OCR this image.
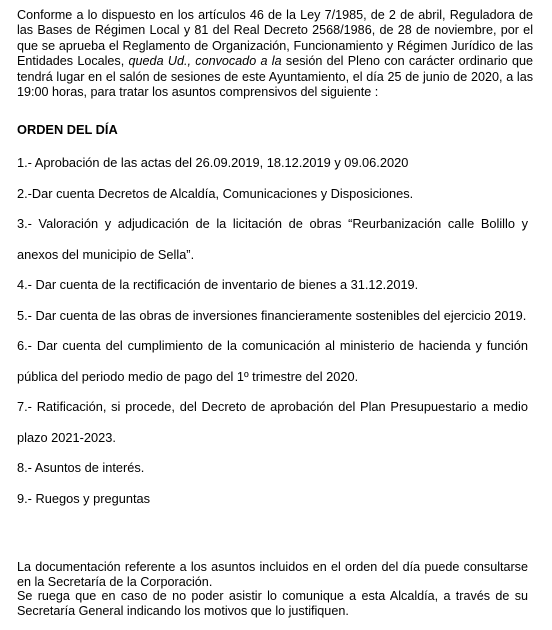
Conforme a lo dispuesto en los artículos 46 de la Ley 7/1985, de 2 de abril, Reguladora de las Bases de Régimen Local y 81 del Real Decreto 2568/1986, de 28 de noviembre, por el que se aprueba el Reglamento de Organización, Funcionamiento y Régimen Jurídico de las Entidades Locales, queda Ud., convocado a la sesión del Pleno con carácter ordinario que tendrá lugar en el salón de sesiones de este Ayuntamiento, el día 25 de junio de 2020, a las 19:00 horas, para tratar los asuntos comprensivos del siguiente :
ORDEN DEL DÍA
1.- Aprobación de las actas del 26.09.2019, 18.12.2019 y 09.06.2020
2.-Dar cuenta Decretos de Alcaldía, Comunicaciones y Disposiciones.
3.- Valoración y adjudicación de la licitación de obras “Reurbanización calle Bolillo y anexos del municipio de Sella”.
4.- Dar cuenta de la rectificación de inventario de bienes a 31.12.2019.
5.- Dar cuenta de las obras de inversiones financieramente sostenibles del ejercicio 2019.
6.- Dar cuenta del cumplimiento de la comunicación al ministerio de hacienda y función pública del periodo medio de pago del 1º trimestre del 2020.
7.- Ratificación, si procede, del Decreto de aprobación del Plan Presupuestario a medio plazo 2021-2023.
8.- Asuntos de interés.
9.- Ruegos y preguntas

La documentación referente a los asuntos incluidos en el orden del día puede consultarse en la Secretaría de la Corporación.

Se ruega que en caso de no poder asistir lo comunique a esta Alcaldía, a través de su Secretaría General indicando los motivos que lo justifiquen.
